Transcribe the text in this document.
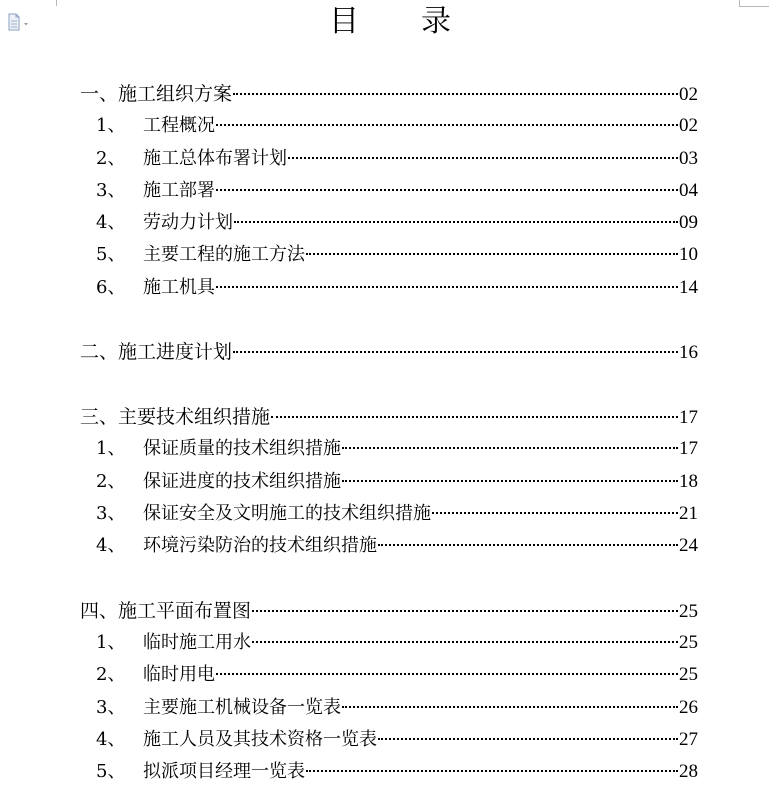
目 录
一、施工组织方案	02
1、 工程概况	02
2、 施工总体布署计划	03
3、 施工部署	04
4、 劳动力计划	09
5、 主要工程的施工方法	10
6、 施工机具	14
二、施工进度计划	16
三、主要技术组织措施	17
1、 保证质量的技术组织措施	17
2、 保证进度的技术组织措施	18
3、 保证安全及文明施工的技术组织措施	21
4、 环境污染防治的技术组织措施	24
四、施工平面布置图	25
1、 临时施工用水	25
2、 临时用电	25
3、 主要施工机械设备一览表	26
4、 施工人员及其技术资格一览表	27
5、 拟派项目经理一览表	28
